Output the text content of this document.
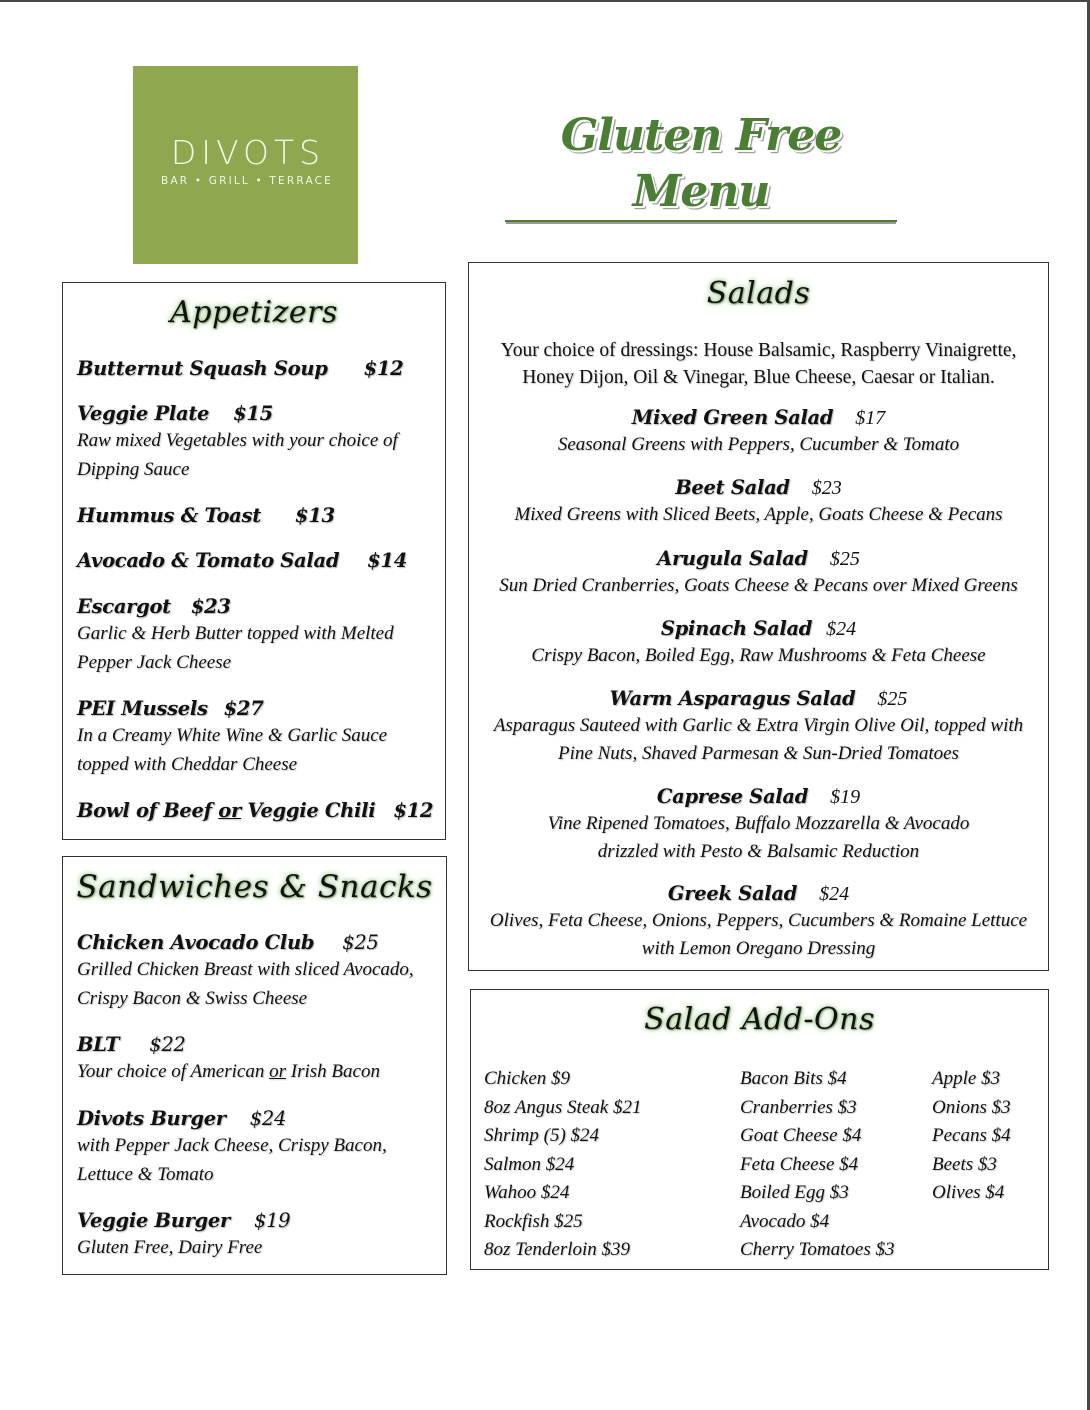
DIVOTS
BAR • GRILL • TERRACE
Gluten Free Menu
Appetizers
Butternut Squash Soup $12
Veggie Plate $15
Raw mixed Vegetables with your choice of
Dipping Sauce
Hummus & Toast $13
Avocado & Tomato Salad $14
Escargot $23
Garlic & Herb Butter topped with Melted
Pepper Jack Cheese
PEI Mussels $27
In a Creamy White Wine & Garlic Sauce
topped with Cheddar Cheese
Bowl of Beef or Veggie Chili $12
Sandwiches & Snacks
Chicken Avocado Club $25
Grilled Chicken Breast with sliced Avocado,
Crispy Bacon & Swiss Cheese
BLT $22
Your choice of American or Irish Bacon
Divots Burger $24
with Pepper Jack Cheese, Crispy Bacon,
Lettuce & Tomato
Veggie Burger $19
Gluten Free, Dairy Free
Salads
Your choice of dressings: House Balsamic, Raspberry Vinaigrette,
Honey Dijon, Oil & Vinegar, Blue Cheese, Caesar or Italian.
Mixed Green Salad $17
Seasonal Greens with Peppers, Cucumber & Tomato
Beet Salad $23
Mixed Greens with Sliced Beets, Apple, Goats Cheese & Pecans
Arugula Salad $25
Sun Dried Cranberries, Goats Cheese & Pecans over Mixed Greens
Spinach Salad $24
Crispy Bacon, Boiled Egg, Raw Mushrooms & Feta Cheese
Warm Asparagus Salad $25
Asparagus Sauteed with Garlic & Extra Virgin Olive Oil, topped with
Pine Nuts, Shaved Parmesan & Sun-Dried Tomatoes
Caprese Salad $19
Vine Ripened Tomatoes, Buffalo Mozzarella & Avocado
drizzled with Pesto & Balsamic Reduction
Greek Salad $24
Olives, Feta Cheese, Onions, Peppers, Cucumbers & Romaine Lettuce
with Lemon Oregano Dressing
Salad Add-Ons
Chicken $9
8oz Angus Steak $21
Shrimp (5) $24
Salmon $24
Wahoo $24
Rockfish $25
8oz Tenderloin $39
Bacon Bits $4
Cranberries $3
Goat Cheese $4
Feta Cheese $4
Boiled Egg $3
Avocado $4
Cherry Tomatoes $3
Apple $3
Onions $3
Pecans $4
Beets $3
Olives $4
